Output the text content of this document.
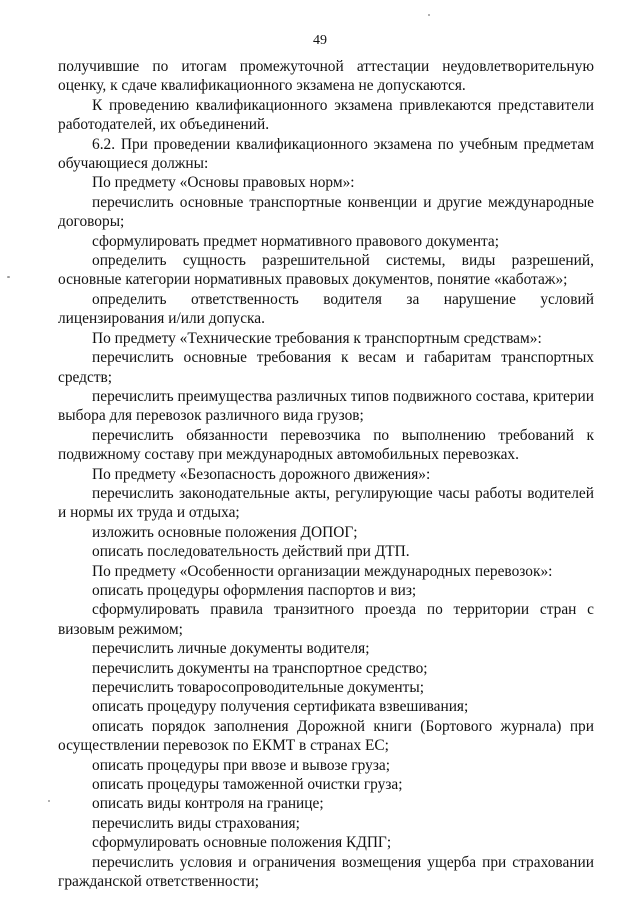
49

получившие по итогам промежуточной аттестации неудовлетворительную оценку, к сдаче квалификационного экзамена не допускаются.

К проведению квалификационного экзамена привлекаются представители работодателей, их объединений.

6.2. При проведении квалификационного экзамена по учебным предметам обучающиеся должны:

По предмету «Основы правовых норм»:

перечислить основные транспортные конвенции и другие международные договоры;

сформулировать предмет нормативного правового документа;

определить сущность разрешительной системы, виды разрешений, основные категории нормативных правовых документов, понятие «каботаж»;

определить ответственность водителя за нарушение условий лицензирования и/или допуска.

По предмету «Технические требования к транспортным средствам»:

перечислить основные требования к весам и габаритам транспортных средств;

перечислить преимущества различных типов подвижного состава, критерии выбора для перевозок различного вида грузов;

перечислить обязанности перевозчика по выполнению требований к подвижному составу при международных автомобильных перевозках.

По предмету «Безопасность дорожного движения»:

перечислить законодательные акты, регулирующие часы работы водителей и нормы их труда и отдыха;

изложить основные положения ДОПОГ;

описать последовательность действий при ДТП.

По предмету «Особенности организации международных перевозок»:

описать процедуры оформления паспортов и виз;

сформулировать правила транзитного проезда по территории стран с визовым режимом;

перечислить личные документы водителя;

перечислить документы на транспортное средство;

перечислить товаросопроводительные документы;

описать процедуру получения сертификата взвешивания;

описать порядок заполнения Дорожной книги (Бортового журнала) при осуществлении перевозок по ЕКМТ в странах ЕС;

описать процедуры при ввозе и вывозе груза;

описать процедуры таможенной очистки груза;

описать виды контроля на границе;

перечислить виды страхования;

сформулировать основные положения КДПГ;

перечислить условия и ограничения возмещения ущерба при страховании гражданской ответственности;
